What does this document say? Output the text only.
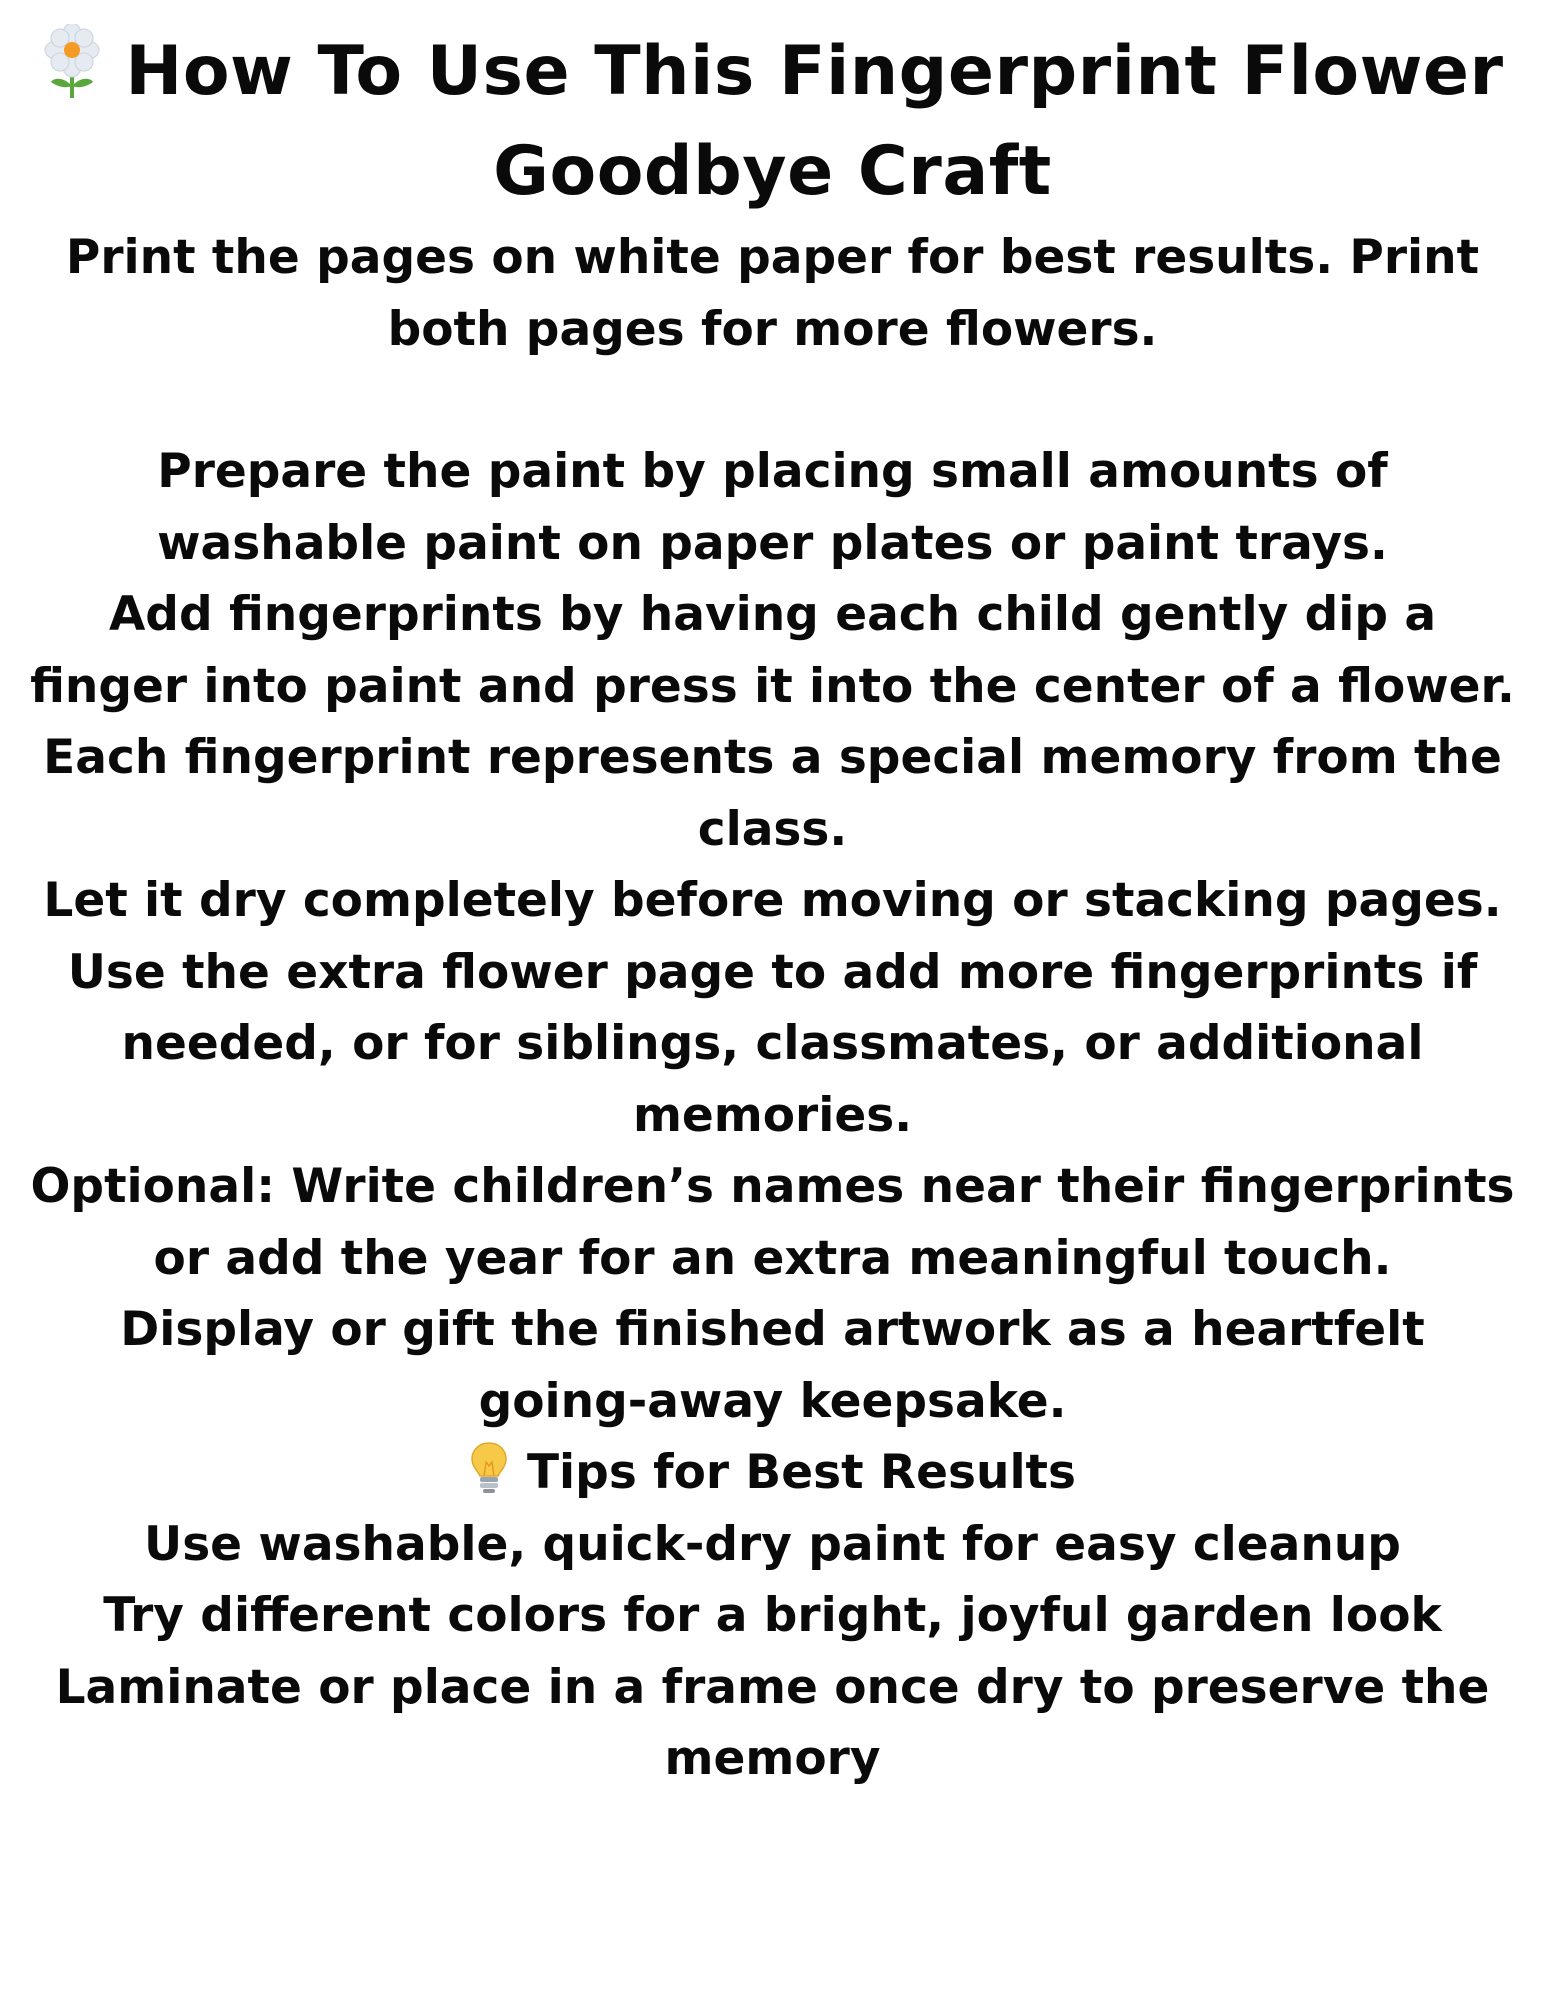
How To Use This Fingerprint Flower Goodbye Craft

Print the pages on white paper for best results. Print both pages for more flowers.

Prepare the paint by placing small amounts of washable paint on paper plates or paint trays.

Add fingerprints by having each child gently dip a finger into paint and press it into the center of a flower.

Each fingerprint represents a special memory from the class.

Let it dry completely before moving or stacking pages.

Use the extra flower page to add more fingerprints if needed, or for siblings, classmates, or additional memories.

Optional: Write children’s names near their fingerprints or add the year for an extra meaningful touch.

Display or gift the finished artwork as a heartfelt going-away keepsake.

Tips for Best Results

Use washable, quick-dry paint for easy cleanup

Try different colors for a bright, joyful garden look

Laminate or place in a frame once dry to preserve the memory
